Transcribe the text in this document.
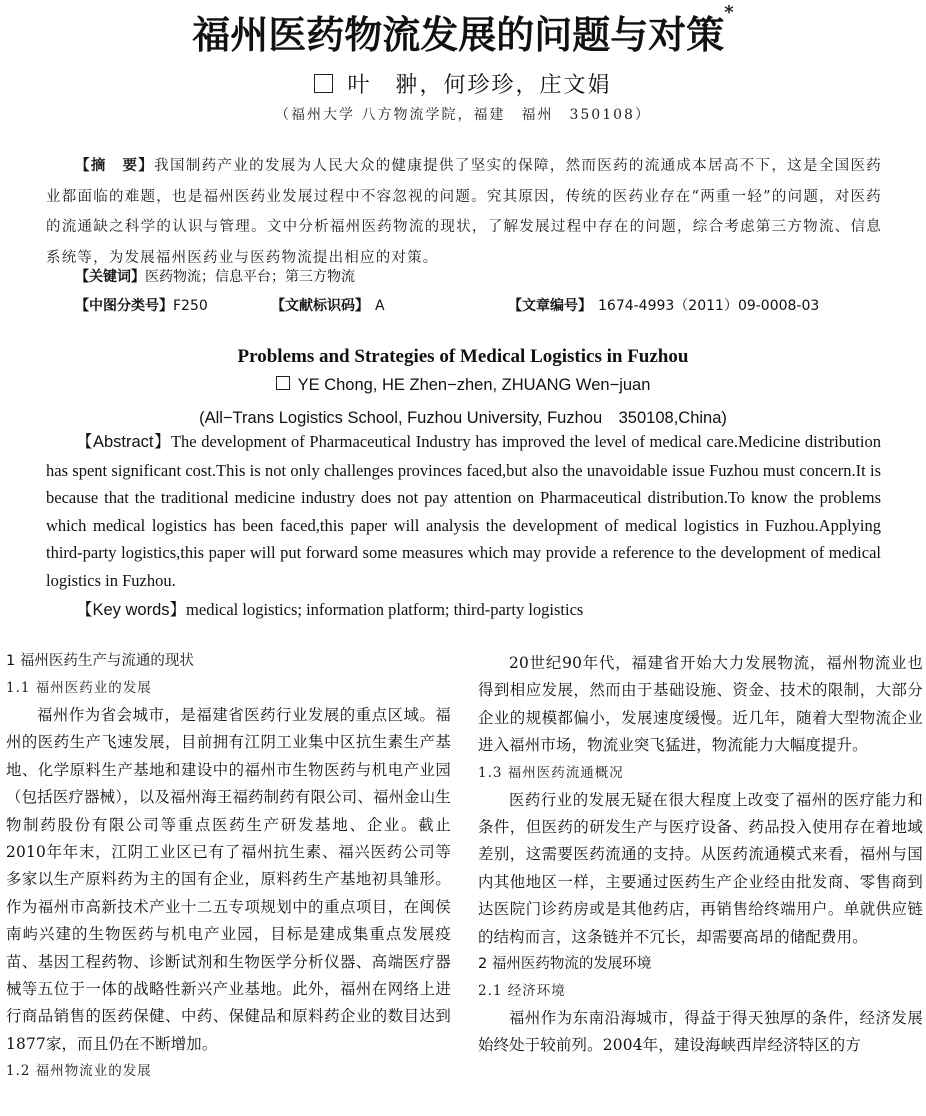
福州医药物流发展的问题与对策*
叶　翀，何珍珍，庄文娟
（福州大学 八方物流学院，福建　福州　350108）
【摘　要】我国制药产业的发展为人民大众的健康提供了坚实的保障，然而医药的流通成本居高不下，这是全国医药业都面临的难题，也是福州医药业发展过程中不容忽视的问题。究其原因，传统的医药业存在“两重一轻”的问题，对医药的流通缺之科学的认识与管理。文中分析福州医药物流的现状，了解发展过程中存在的问题，综合考虑第三方物流、信息系统等，为发展福州医药业与医药物流提出相应的对策。
【关键词】医药物流；信息平台；第三方物流
【中图分类号】F250	【文献标识码】 A	【文章编号】 1674-4993（2011）09-0008-03
Problems and Strategies of Medical Logistics in Fuzhou
YE Chong, HE Zhen−zhen, ZHUANG Wen−juan
(All−Trans Logistics School, Fuzhou University, Fuzhou　350108,China)
【Abstract】The development of Pharmaceutical Industry has improved the level of medical care.Medicine distribution has spent significant cost.This is not only challenges provinces faced,but also the unavoidable issue Fuzhou must concern.It is because that the traditional medicine industry does not pay attention on Pharmaceutical distribution.To know the problems which medical logistics has been faced,this paper will analysis the development of medical logistics in Fuzhou.Applying third-party logistics,this paper will put forward some measures which may provide a reference to the development of medical logistics in Fuzhou.
【Key words】medical logistics; information platform; third-party logistics
1 福州医药生产与流通的现状
1.1 福州医药业的发展
福州作为省会城市，是福建省医药行业发展的重点区域。福州的医药生产飞速发展，目前拥有江阴工业集中区抗生素生产基地、化学原料生产基地和建设中的福州市生物医药与机电产业园（包括医疗器械），以及福州海王福药制药有限公司、福州金山生物制药股份有限公司等重点医药生产研发基地、企业。截止2010年年末，江阴工业区已有了福州抗生素、福兴医药公司等多家以生产原料药为主的国有企业，原料药生产基地初具雏形。作为福州市高新技术产业十二五专项规划中的重点项目，在闽侯南屿兴建的生物医药与机电产业园，目标是建成集重点发展疫苗、基因工程药物、诊断试剂和生物医学分析仪器、高端医疗器械等五位于一体的战略性新兴产业基地。此外，福州在网络上进行商品销售的医药保健、中药、保健品和原料药企业的数目达到1877家，而且仍在不断增加。
1.2 福州物流业的发展
20世纪90年代，福建省开始大力发展物流，福州物流业也得到相应发展，然而由于基础设施、资金、技术的限制，大部分企业的规模都偏小，发展速度缓慢。近几年，随着大型物流企业进入福州市场，物流业突飞猛进，物流能力大幅度提升。
1.3 福州医药流通概况
医药行业的发展无疑在很大程度上改变了福州的医疗能力和条件，但医药的研发生产与医疗设备、药品投入使用存在着地域差别，这需要医药流通的支持。从医药流通模式来看，福州与国内其他地区一样，主要通过医药生产企业经由批发商、零售商到达医院门诊药房或是其他药店，再销售给终端用户。单就供应链的结构而言，这条链并不冗长，却需要高昂的储配费用。
2 福州医药物流的发展环境
2.1 经济环境
福州作为东南沿海城市，得益于得天独厚的条件，经济发展始终处于较前列。2004年，建设海峡西岸经济特区的方
